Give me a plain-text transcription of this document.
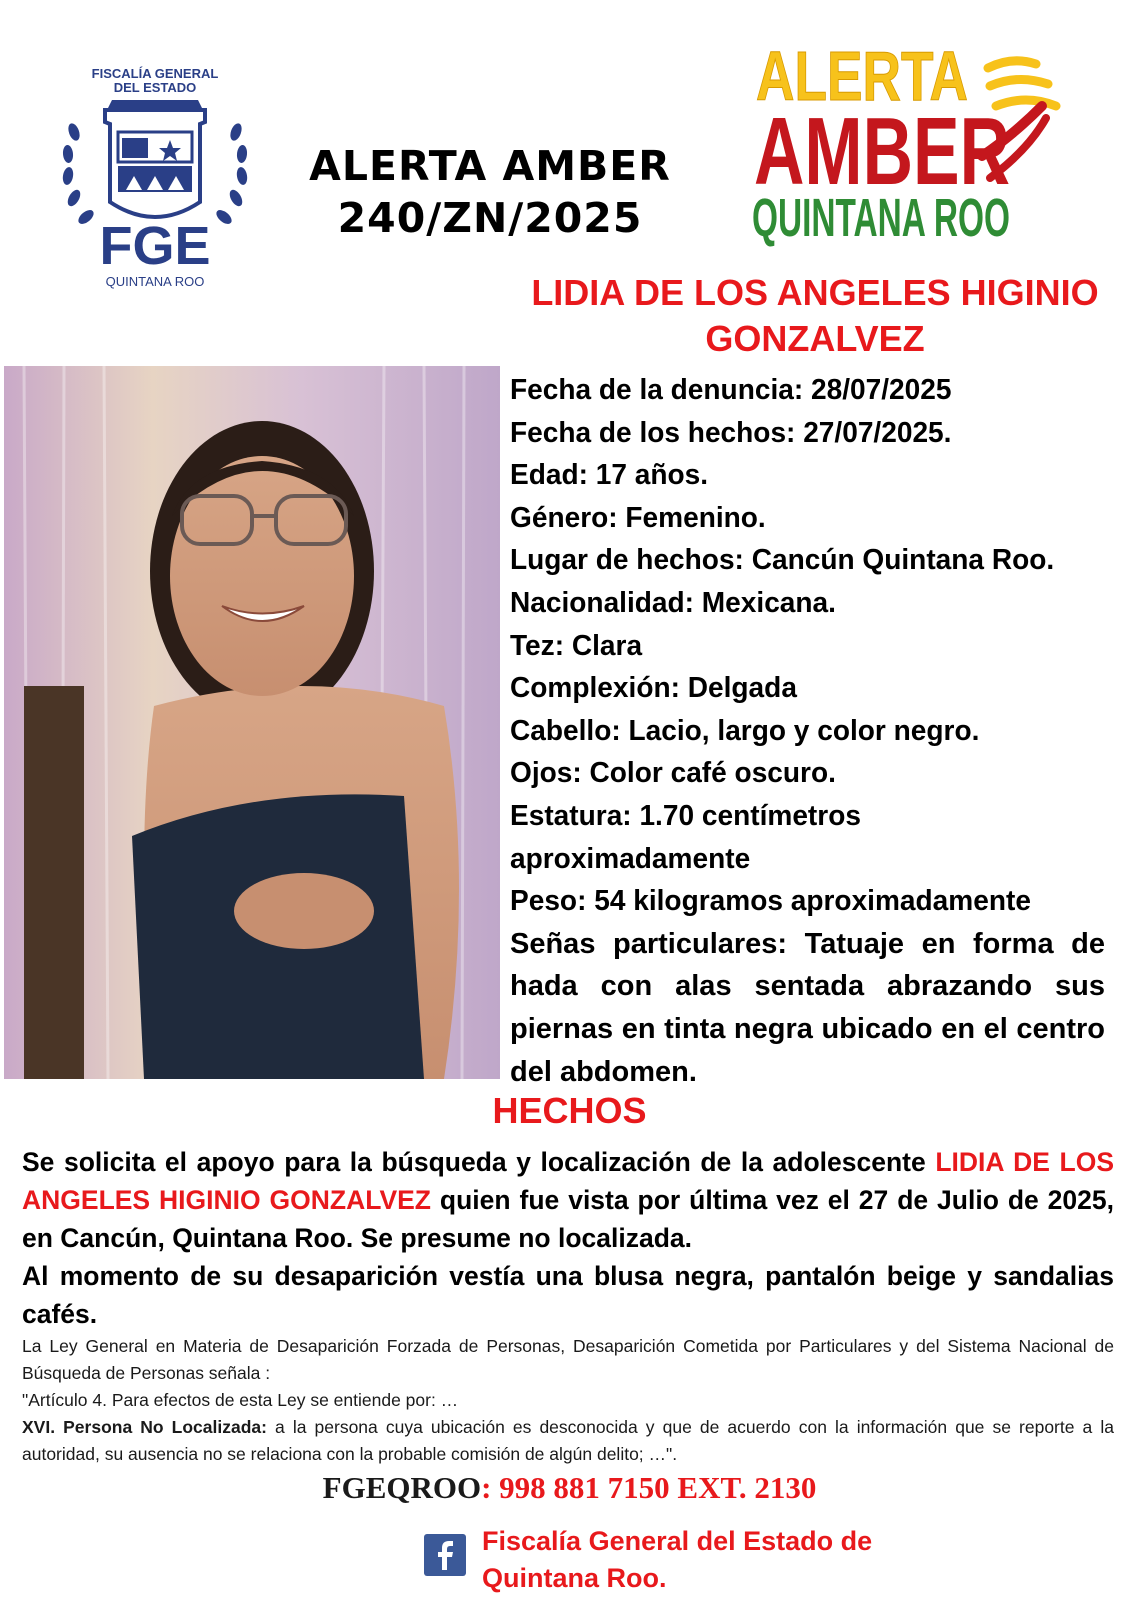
FISCALÍA GENERAL
DEL ESTADO
FGE
QUINTANA ROO
ALERTA AMBER
240/ZN/2025
ALERTA
AMBER
QUINTANA ROO
LIDIA DE LOS ANGELES HIGINIO
GONZALVEZ
Fecha de la denuncia: 28/07/2025
Fecha de los hechos: 27/07/2025.
Edad: 17 años.
Género: Femenino.
Lugar de hechos: Cancún Quintana Roo.
Nacionalidad: Mexicana.
Tez: Clara
Complexión: Delgada
Cabello: Lacio, largo y color negro.
Ojos: Color café oscuro.
Estatura: 1.70 centímetros
aproximadamente
Peso: 54 kilogramos aproximadamente
Señas particulares: Tatuaje en forma de hada con alas sentada abrazando sus piernas en tinta negra ubicado en el centro del abdomen.
HECHOS
Se solicita el apoyo para la búsqueda y localización de la adolescente LIDIA DE LOS ANGELES HIGINIO GONZALVEZ quien fue vista por última vez el 27 de Julio de 2025, en Cancún, Quintana Roo. Se presume no localizada.
Al momento de su desaparición vestía una blusa negra, pantalón beige y sandalias cafés.

La Ley General en Materia de Desaparición Forzada de Personas, Desaparición Cometida por Particulares y del Sistema Nacional de Búsqueda de Personas señala :

"Artículo 4. Para efectos de esta Ley se entiende por: …

XVI. Persona No Localizada: a la persona cuya ubicación es desconocida y que de acuerdo con la información que se reporte a la autoridad, su ausencia no se relaciona con la probable comisión de algún delito; …".

FGEQROO: 998 881 7150 EXT. 2130
Fiscalía General del Estado de
Quintana Roo.
